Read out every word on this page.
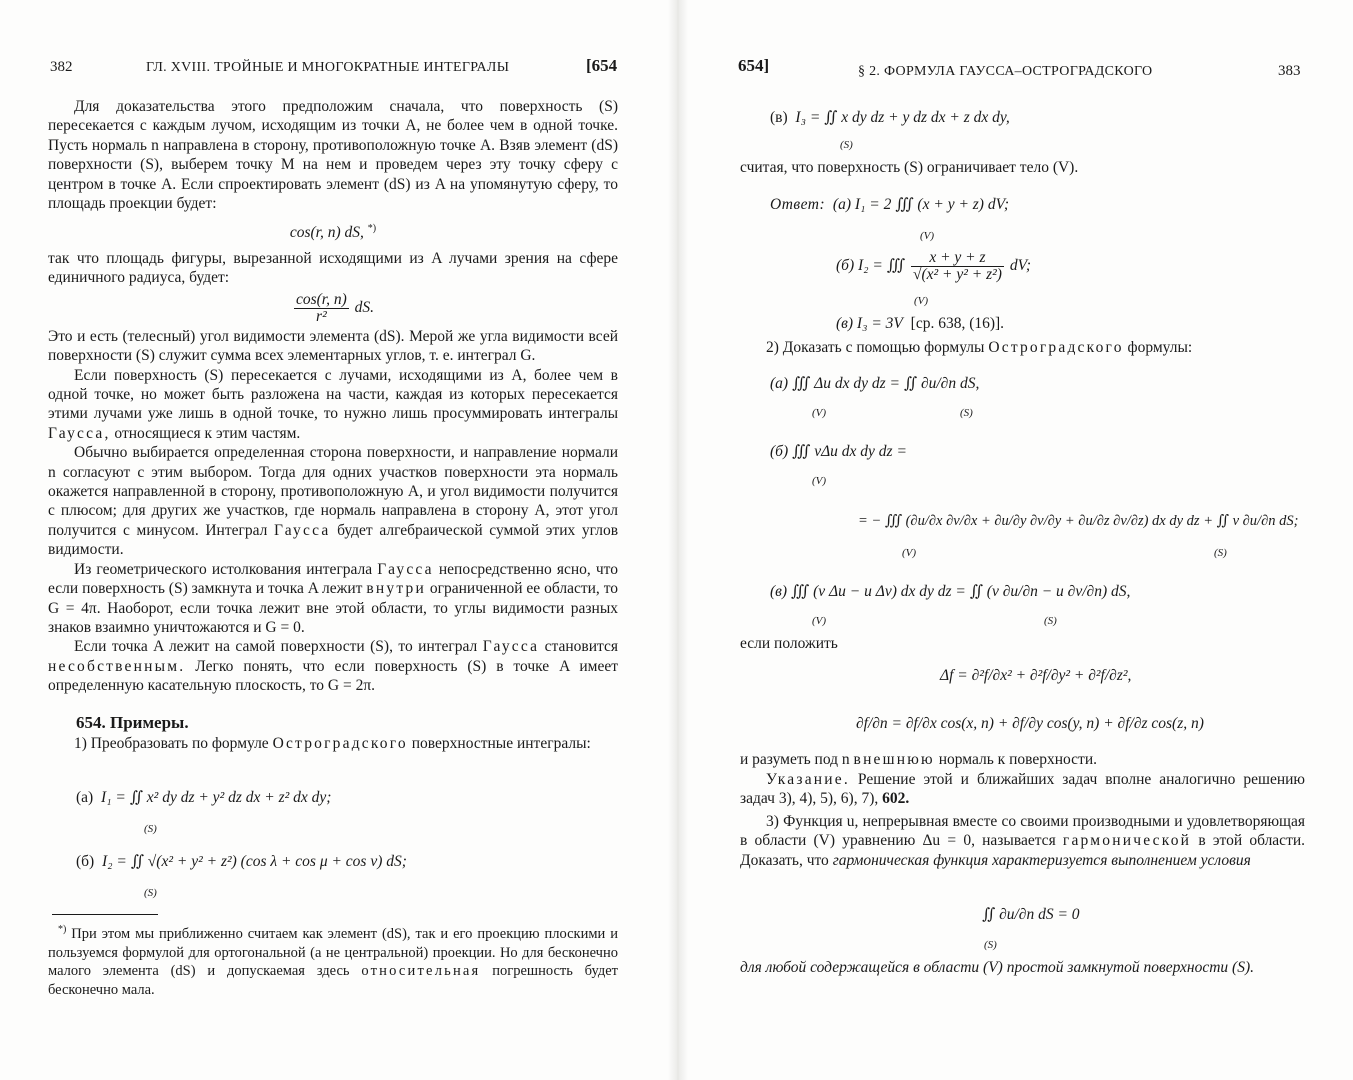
382	ГЛ. XVIII. ТРОЙНЫЕ И МНОГОКРАТНЫЕ ИНТЕГРАЛЫ	[654

Для доказательства этого предположим сначала, что поверхность (S) пересекается с каждым лучом, исходящим из точки A, не более чем в одной точке. Пусть нормаль n направлена в сторону, противоположную точке A. Взяв элемент (dS) поверхности (S), выберем точку M на нем и проведем через эту точку сферу с центром в точке A. Если спроектировать элемент (dS) из A на упомянутую сферу, то площадь проекции будет:

cos(r, n) dS, *)

так что площадь фигуры, вырезанной исходящими из A лучами зрения на сфере единичного радиуса, будет:

$\frac{\cos(r, n)}{\text{r²}}$ dS.

Это и есть (телесный) угол видимости элемента (dS). Мерой же угла видимости всей поверхности (S) служит сумма всех элементарных углов, т. е. интеграл G.

Если поверхность (S) пересекается с лучами, исходящими из A, более чем в одной точке, но может быть разложена на части, каждая из которых пересекается этими лучами уже лишь в одной точке, то нужно лишь просуммировать интегралы Гаусса, относящиеся к этим частям.

Обычно выбирается определенная сторона поверхности, и направление нормали n согласуют с этим выбором. Тогда для одних участков поверхности эта нормаль окажется направленной в сторону, противоположную A, и угол видимости получится с плюсом; для других же участков, где нормаль направлена в сторону A, этот угол получится с минусом. Интеграл Гаусса будет алгебраической суммой этих углов видимости.

Из геометрического истолкования интеграла Гаусса непосредственно ясно, что если поверхность (S) замкнута и точка A лежит внутри ограниченной ее области, то G = 4π. Наоборот, если точка лежит вне этой области, то углы видимости разных знаков взаимно уничтожаются и G = 0.

Если точка A лежит на самой поверхности (S), то интеграл Гаусса становится несобственным. Легко понять, что если поверхность (S) в точке A имеет определенную касательную плоскость, то G = 2π.

654. Примеры.

1) Преобразовать по формуле Остроградского поверхностные интегралы:

(а) I₁ = ∬ x² dy dz + y² dz dx + z² dx dy;
(S)
(б) I₂ = ∬ √(x² + y² + z²) (cos λ + cos μ + cos ν) dS;
(S)
*) При этом мы приближенно считаем как элемент (dS), так и его проекцию плоскими и пользуемся формулой для ортогональной (а не центральной) проекции. Но для бесконечно малого элемента (dS) и допускаемая здесь относительная погрешность будет бесконечно мала.
654]	§ 2. ФОРМУЛА ГАУССА–ОСТРОГРАДСКОГО	383
(в) I₃ = ∬ x dy dz + y dz dx + z dx dy,
(S)
считая, что поверхность (S) ограничивает тело (V).
Ответ: (а) I₁ = 2 ∭ (x + y + z) dV;
(V)
(б) I₂ = ∭ $\frac{x + y + z}{\text{√(x² + y² + z²)}}$ dV;
(V)
(в) I₃ = 3V [ср. 638, (16)].

2) Доказать с помощью формулы Остроградского формулы:

(а) ∭ Δu dx dy dz = ∬ ∂u/∂n dS,
(V)	(S)
(б) ∭ vΔu dx dy dz =
(V)
= − ∭ (∂u/∂x ∂v/∂x + ∂u/∂y ∂v/∂y + ∂u/∂z ∂v/∂z) dx dy dz + ∬ v ∂u/∂n dS;
(V)	(S)
(в) ∭ (v Δu − u Δv) dx dy dz = ∬ (v ∂u/∂n − u ∂v/∂n) dS,
(V)	(S)
если положить
Δf = ∂²f/∂x² + ∂²f/∂y² + ∂²f/∂z²,
∂f/∂n = ∂f/∂x cos(x, n) + ∂f/∂y cos(y, n) + ∂f/∂z cos(z, n)
и разуметь под n внешнюю нормаль к поверхности.

Указание. Решение этой и ближайших задач вполне аналогично решению задач 3), 4), 5), 6), 7), 602.

3) Функция u, непрерывная вместе со своими производными и удовлетворяющая в области (V) уравнению Δu = 0, называется гармонической в этой области. Доказать, что гармоническая функция характеризуется выполнением условия

∬ ∂u/∂n dS = 0
(S)
для любой содержащейся в области (V) простой замкнутой поверхности (S).
